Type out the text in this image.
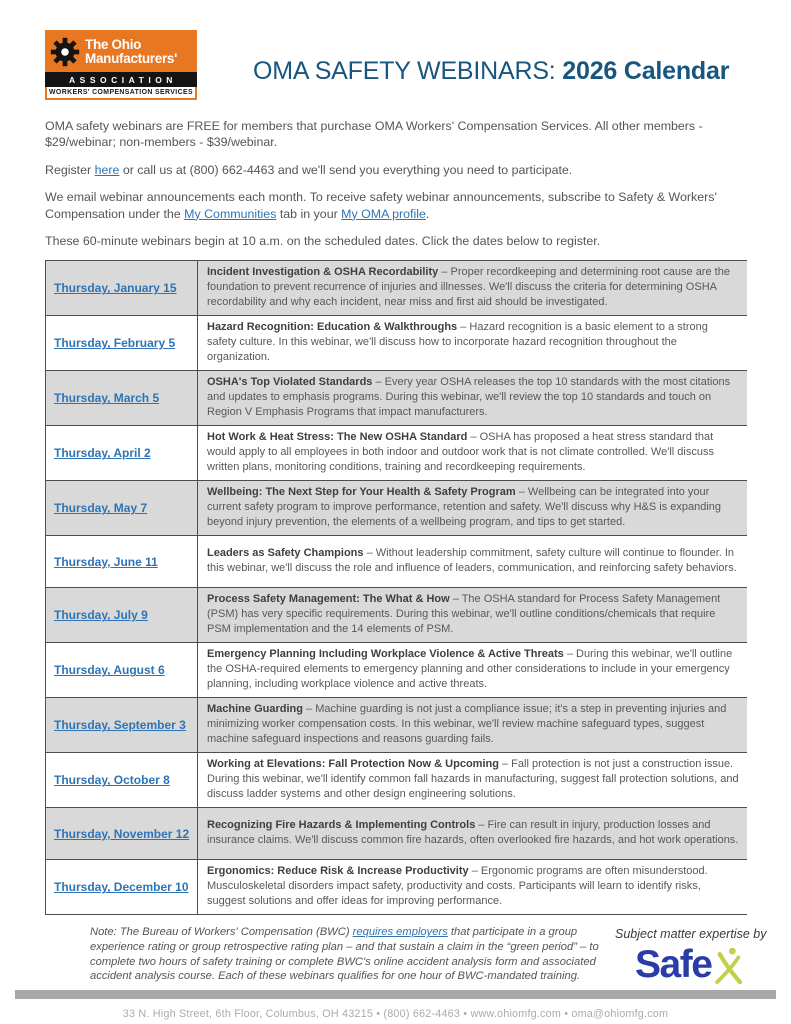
The Ohio
Manufacturers'
ASSOCIATION
WORKERS' COMPENSATION SERVICES
OMA SAFETY WEBINARS: 2026 Calendar

OMA safety webinars are FREE for members that purchase OMA Workers' Compensation Services. All other members - $29/webinar; non-members - $39/webinar.

Register here or call us at (800) 662-4463 and we'll send you everything you need to participate.

We email webinar announcements each month. To receive safety webinar announcements, subscribe to Safety & Workers' Compensation under the My Communities tab in your My OMA profile.

These 60-minute webinars begin at 10 a.m. on the scheduled dates. Click the dates below to register.

Thursday, January 15	Incident Investigation & OSHA Recordability – Proper recordkeeping and determining root cause are the foundation to prevent recurrence of injuries and illnesses. We'll discuss the criteria for determining OSHA recordability and why each incident, near miss and first aid should be investigated.
Thursday, February 5	Hazard Recognition: Education & Walkthroughs – Hazard recognition is a basic element to a strong safety culture. In this webinar, we'll discuss how to incorporate hazard recognition throughout the organization.
Thursday, March 5	OSHA's Top Violated Standards – Every year OSHA releases the top 10 standards with the most citations and updates to emphasis programs. During this webinar, we'll review the top 10 standards and touch on Region V Emphasis Programs that impact manufacturers.
Thursday, April 2	Hot Work & Heat Stress: The New OSHA Standard – OSHA has proposed a heat stress standard that would apply to all employees in both indoor and outdoor work that is not climate controlled. We'll discuss written plans, monitoring conditions, training and recordkeeping requirements.
Thursday, May 7	Wellbeing: The Next Step for Your Health & Safety Program – Wellbeing can be integrated into your current safety program to improve performance, retention and safety. We'll discuss why H&S is expanding beyond injury prevention, the elements of a wellbeing program, and tips to get started.
Thursday, June 11	Leaders as Safety Champions – Without leadership commitment, safety culture will continue to flounder. In this webinar, we'll discuss the role and influence of leaders, communication, and reinforcing safety behaviors.
Thursday, July 9	Process Safety Management: The What & How – The OSHA standard for Process Safety Management (PSM) has very specific requirements. During this webinar, we'll outline conditions/chemicals that require PSM implementation and the 14 elements of PSM.
Thursday, August 6	Emergency Planning Including Workplace Violence & Active Threats – During this webinar, we'll outline the OSHA-required elements to emergency planning and other considerations to include in your emergency planning, including workplace violence and active threats.
Thursday, September 3	Machine Guarding – Machine guarding is not just a compliance issue; it's a step in preventing injuries and minimizing worker compensation costs. In this webinar, we'll review machine safeguard types, suggest machine safeguard inspections and reasons guarding fails.
Thursday, October 8	Working at Elevations: Fall Protection Now & Upcoming – Fall protection is not just a construction issue. During this webinar, we'll identify common fall hazards in manufacturing, suggest fall protection solutions, and discuss ladder systems and other design engineering solutions.
Thursday, November 12	Recognizing Fire Hazards & Implementing Controls – Fire can result in injury, production losses and insurance claims. We'll discuss common fire hazards, often overlooked fire hazards, and hot work operations.
Thursday, December 10	Ergonomics: Reduce Risk & Increase Productivity – Ergonomic programs are often misunderstood. Musculoskeletal disorders impact safety, productivity and costs. Participants will learn to identify risks, suggest solutions and offer ideas for improving performance.
Note: The Bureau of Workers' Compensation (BWC) requires employers that participate in a group experience rating or group retrospective rating plan – and that sustain a claim in the “green period” – to complete two hours of safety training or complete BWC's online accident analysis form and associated accident analysis course. Each of these webinars qualifies for one hour of BWC-mandated training.
Subject matter expertise by
Safe
33 N. High Street, 6th Floor, Columbus, OH 43215 • (800) 662-4463 • www.ohiomfg.com • oma@ohiomfg.com
